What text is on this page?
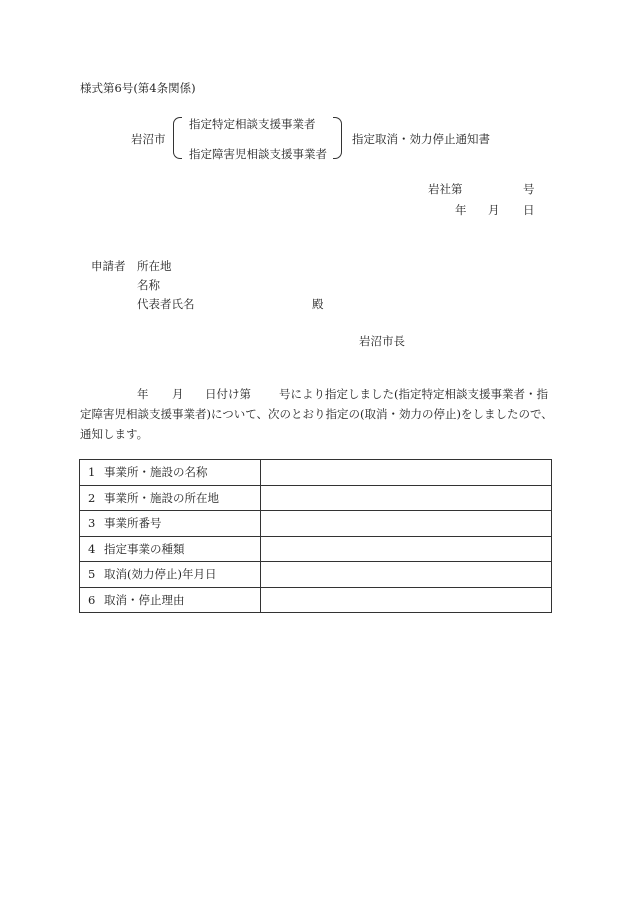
様式第6号(第4条関係)
岩沼市
指定特定相談支援事業者
指定障害児相談支援事業者
指定取消・効力停止通知書
岩社第	号
年 月 日
申請者 所在地
名称
代表者氏名	殿
岩沼市長
年 月 日付け第 号により指定しました(指定特定相談支援事業者・指
定障害児相談支援事業者)について、次のとおり指定の(取消・効力の停止)をしましたので、
通知します。
1 事業所・施設の名称	
2 事業所・施設の所在地	
3 事業所番号	
4 指定事業の種類	
5 取消(効力停止)年月日	
6 取消・停止理由	
